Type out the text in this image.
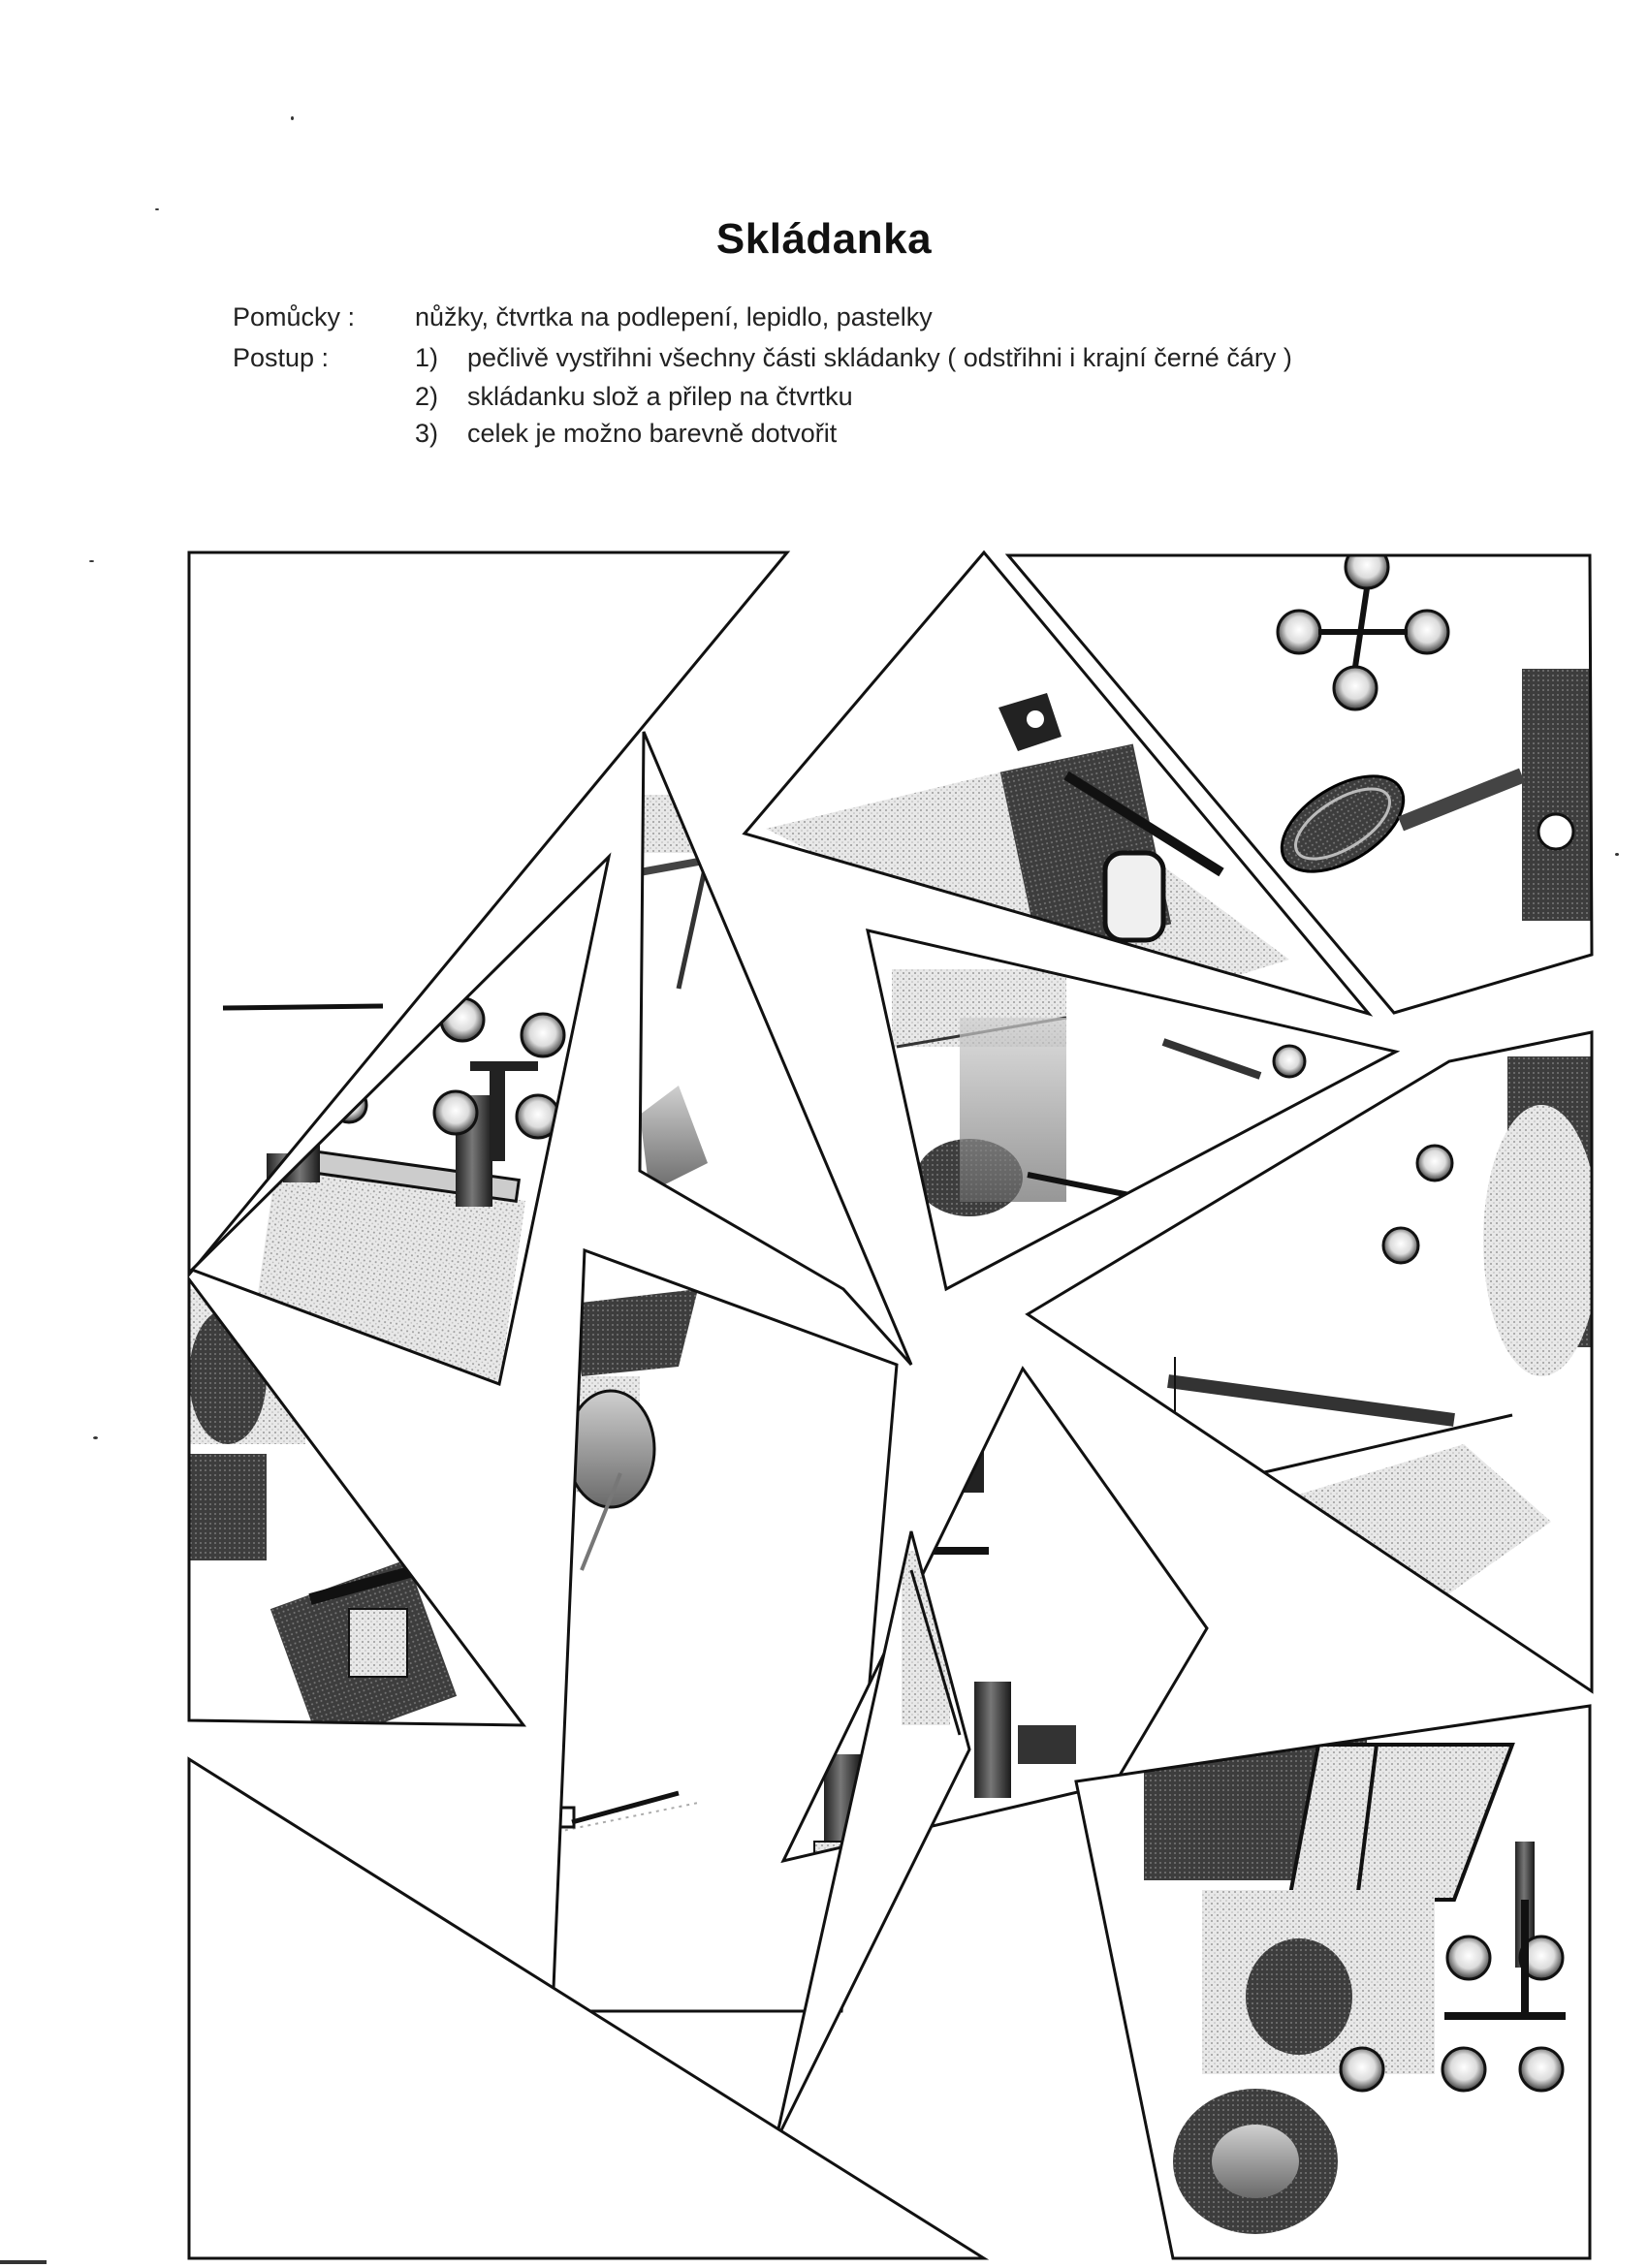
Skládanka
Pomůcky : nůžky, čtvrtka na podlepení, lepidlo, pastelky
Postup :	1) pečlivě vystřihni všechny části skládanky ( odstřihni i krajní černé čáry )
2) skládanku slož a přilep na čtvrtku
3) celek je možno barevně dotvořit
